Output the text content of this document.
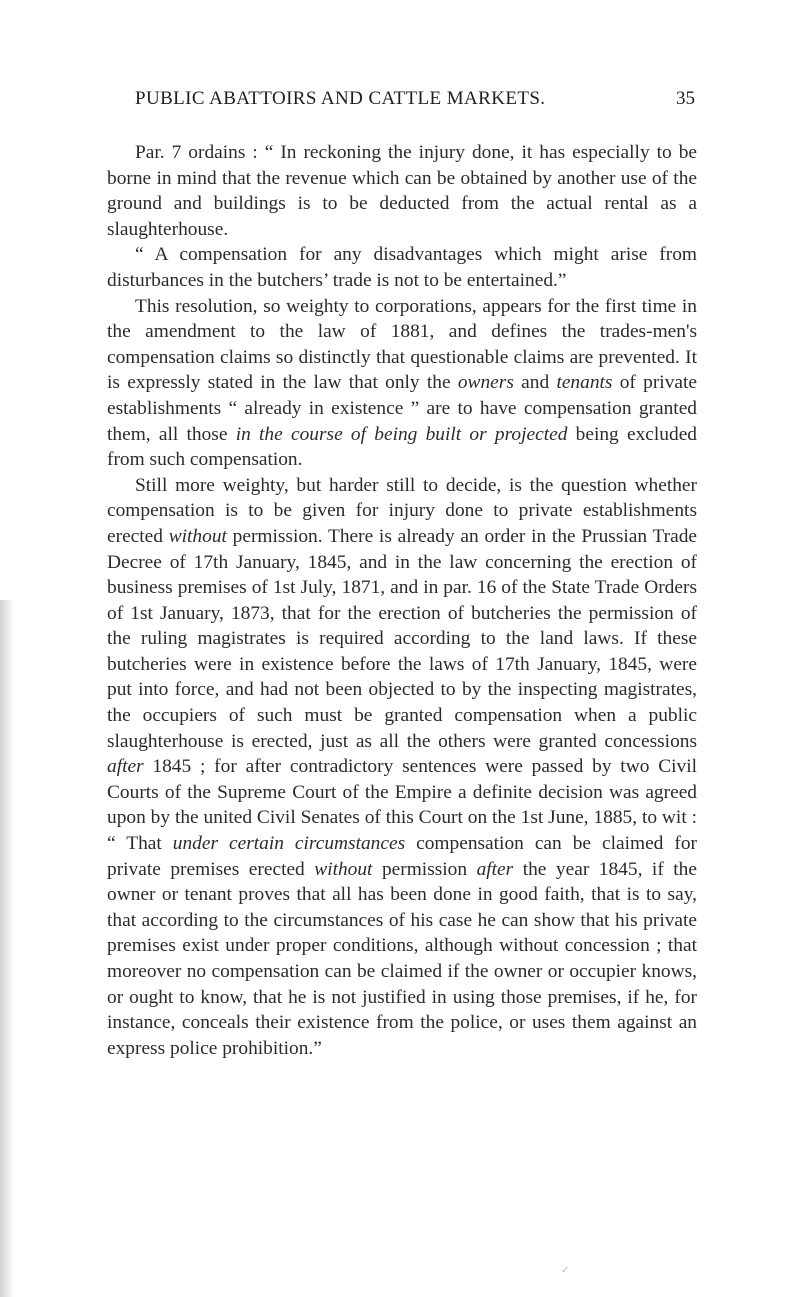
PUBLIC ABATTOIRS AND CATTLE MARKETS.	35

Par. 7 ordains : “ In reckoning the injury done, it has especially to be borne in mind that the revenue which can be obtained by another use of the ground and buildings is to be deducted from the actual rental as a slaughterhouse.

“ A compensation for any disadvantages which might arise from disturbances in the butchers’ trade is not to be entertained.”

This resolution, so weighty to corporations, appears for the first time in the amendment to the law of 1881, and defines the trades-men's compensation claims so distinctly that questionable claims are prevented. It is expressly stated in the law that only the owners and tenants of private establishments “ already in existence ” are to have compensation granted them, all those in the course of being built or projected being excluded from such compensation.

Still more weighty, but harder still to decide, is the question whether compensation is to be given for injury done to private establishments erected without permission. There is already an order in the Prussian Trade Decree of 17th January, 1845, and in the law concerning the erection of business premises of 1st July, 1871, and in par. 16 of the State Trade Orders of 1st January, 1873, that for the erection of butcheries the permission of the ruling magistrates is required according to the land laws. If these butcheries were in existence before the laws of 17th January, 1845, were put into force, and had not been objected to by the inspecting magistrates, the occupiers of such must be granted compensation when a public slaughterhouse is erected, just as all the others were granted concessions after 1845 ; for after contradictory sentences were passed by two Civil Courts of the Supreme Court of the Empire a definite decision was agreed upon by the united Civil Senates of this Court on the 1st June, 1885, to wit : “ That under certain circumstances compensation can be claimed for private premises erected without permission after the year 1845, if the owner or tenant proves that all has been done in good faith, that is to say, that according to the circumstances of his case he can show that his private premises exist under proper conditions, although without concession ; that moreover no compensation can be claimed if the owner or occupier knows, or ought to know, that he is not justified in using those premises, if he, for instance, conceals their existence from the police, or uses them against an express police prohibition.”

✓
